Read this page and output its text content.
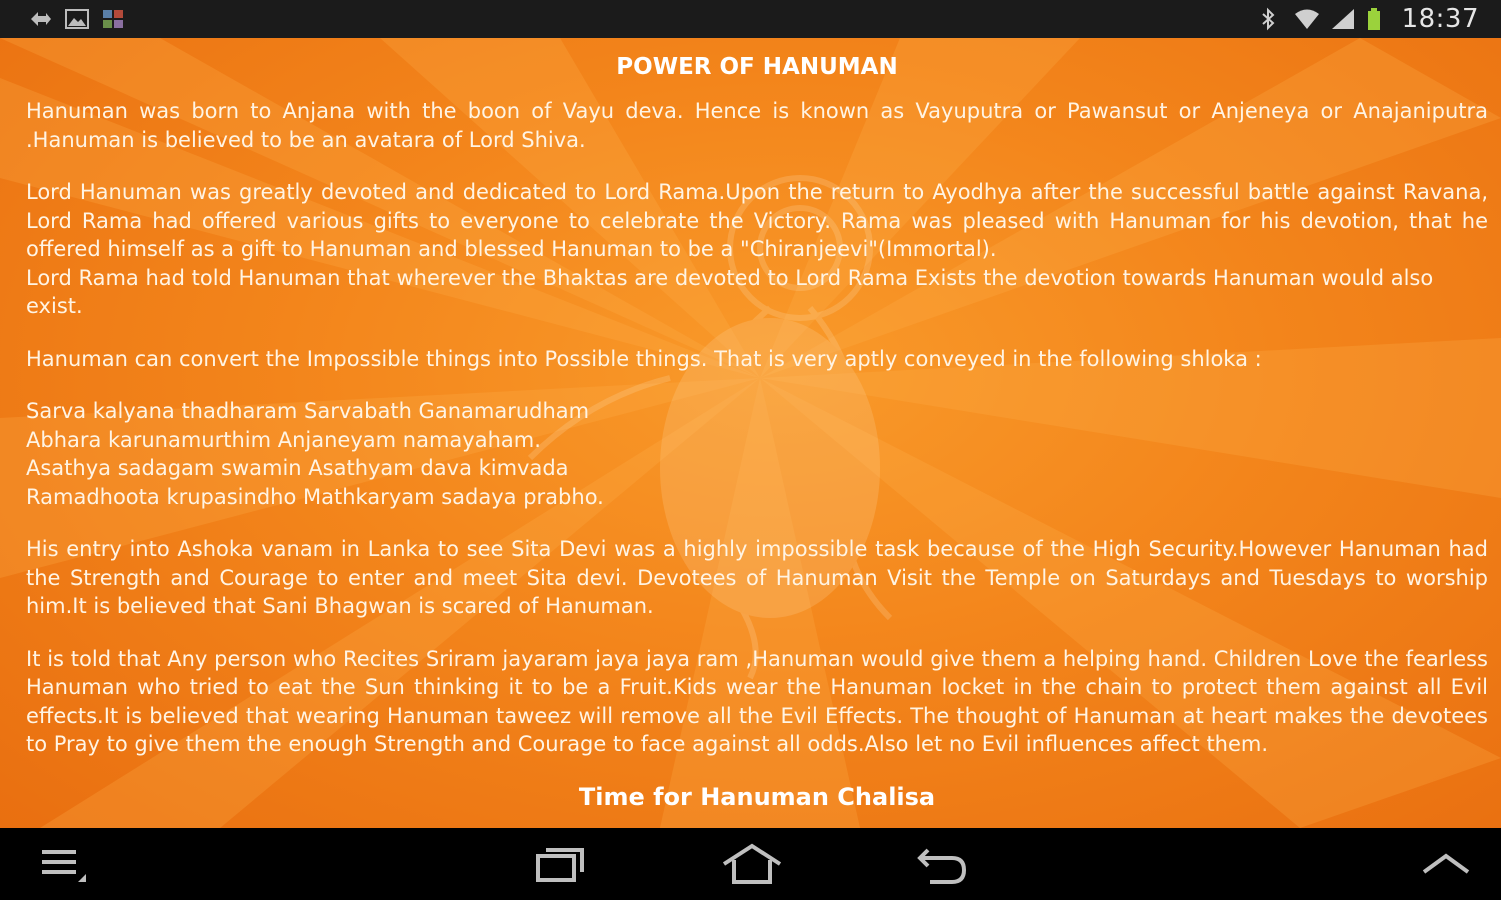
18:37
POWER OF HANUMAN

Hanuman was born to Anjana with the boon of Vayu deva. Hence is known as Vayuputra or Pawansut or Anjeneya or Anajaniputra .Hanuman is believed to be an avatara of Lord Shiva.

Lord Hanuman was greatly devoted and dedicated to Lord Rama.Upon the return to Ayodhya after the successful battle against Ravana, Lord Rama had offered various gifts to everyone to celebrate the Victory. Rama was pleased with Hanuman for his devotion, that he offered himself as a gift to Hanuman and blessed Hanuman to be a "Chiranjeevi"(Immortal).
Lord Rama had told Hanuman that wherever the Bhaktas are devoted to Lord Rama Exists the devotion towards Hanuman would also exist.

Hanuman can convert the Impossible things into Possible things. That is very aptly conveyed in the following shloka :

Sarva kalyana thadharam Sarvabath Ganamarudham
Abhara karunamurthim Anjaneyam namayaham.
Asathya sadagam swamin Asathyam dava kimvada
Ramadhoota krupasindho Mathkaryam sadaya prabho.

His entry into Ashoka vanam in Lanka to see Sita Devi was a highly impossible task because of the High Security.However Hanuman had the Strength and Courage to enter and meet Sita devi. Devotees of Hanuman Visit the Temple on Saturdays and Tuesdays to worship him.It is believed that Sani Bhagwan is scared of Hanuman.

It is told that Any person who Recites Sriram jayaram jaya jaya ram ,Hanuman would give them a helping hand. Children Love the fearless Hanuman who tried to eat the Sun thinking it to be a Fruit.Kids wear the Hanuman locket in the chain to protect them against all Evil effects.It is believed that wearing Hanuman taweez will remove all the Evil Effects. The thought of Hanuman at heart makes the devotees to Pray to give them the enough Strength and Courage to face against all odds.Also let no Evil influences affect them.

Time for Hanuman Chalisa
